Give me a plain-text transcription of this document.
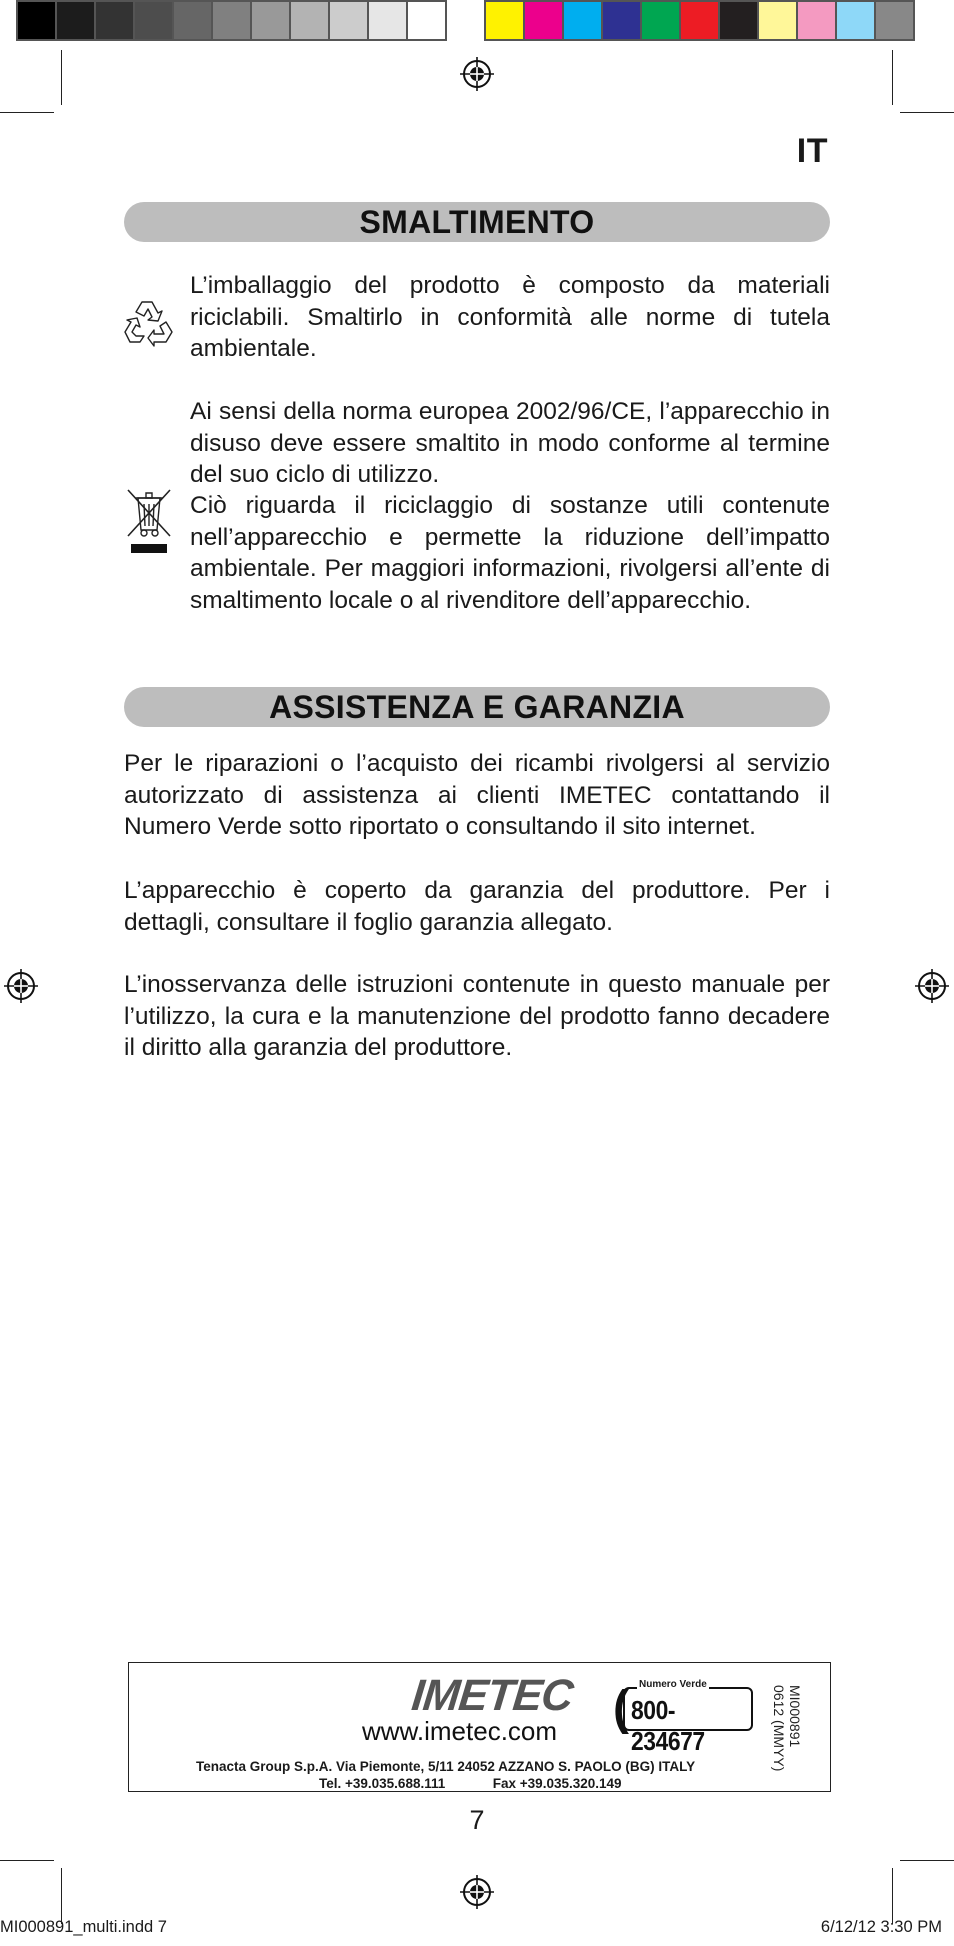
IT
SMALTIMENTO

L’imballaggio del prodotto è composto da materiali riciclabili. Smaltirlo in conformità alle norme di tutela ambientale.

Ai sensi della norma europea 2002/96/CE, l’apparecchio in disuso deve essere smaltito in modo conforme al termine del suo ciclo di utilizzo.

Ciò riguarda il riciclaggio di sostanze utili contenute nell’apparecchio e permette la riduzione dell’impatto ambientale. Per maggiori informazioni, rivolgersi all’ente di smaltimento locale o al rivenditore dell’apparecchio.

ASSISTENZA E GARANZIA

Per le riparazioni o l’acquisto dei ricambi rivolgersi al servizio autorizzato di assistenza ai clienti IMETEC contattando il Numero Verde sotto riportato o consultando il sito internet.

L’apparecchio è coperto da garanzia del produttore. Per i dettagli, consultare il foglio garanzia allegato.

L’inosservanza delle istruzioni contenute in questo manuale per l’utilizzo, la cura e la manutenzione del prodotto fanno decadere il diritto alla garanzia del produttore.

IMETEC
www.imetec.com ( Numero Verde
800-234677	MI000891
0612 (MMYY)
Tenacta Group S.p.A. Via Piemonte, 5/11 24052 AZZANO S. PAOLO (BG) ITALY
Tel. +39.035.688.111	Fax +39.035.320.149
7
MI000891_multi.indd 7	6/12/12 3:30 PM
